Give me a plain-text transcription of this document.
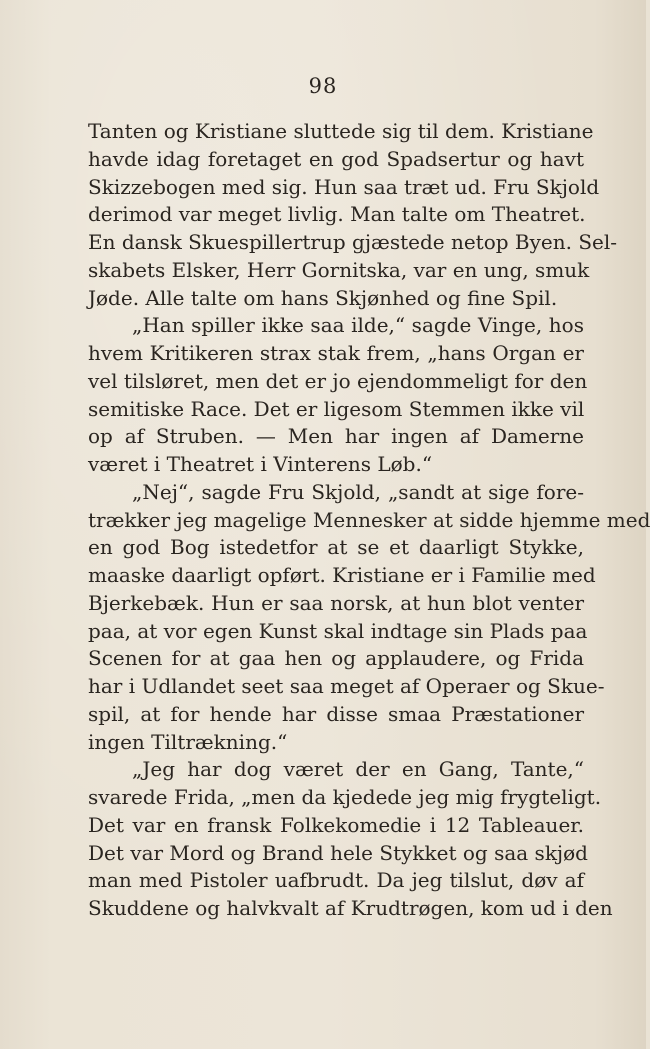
98
Tanten og Kristiane sluttede sig til dem. Kristiane
havde idag foretaget en god Spadsertur og havt
Skizzebogen med sig. Hun saa træt ud. Fru Skjold
derimod var meget livlig. Man talte om Theatret.
En dansk Skuespillertrup gjæstede netop Byen. Sel-
skabets Elsker, Herr Gornitska, var en ung, smuk
Jøde. Alle talte om hans Skjønhed og fine Spil.
„Han spiller ikke saa ilde,“ sagde Vinge, hos
hvem Kritikeren strax stak frem, „hans Organ er
vel tilsløret, men det er jo ejendommeligt for den
semitiske Race. Det er ligesom Stemmen ikke vil
op af Struben. — Men har ingen af Damerne
været i Theatret i Vinterens Løb.“
„Nej“, sagde Fru Skjold, „sandt at sige fore-
trækker jeg magelige Mennesker at sidde hjemme med
en god Bog istedetfor at se et daarligt Stykke,
maaske daarligt opført. Kristiane er i Familie med
Bjerkebæk. Hun er saa norsk, at hun blot venter
paa, at vor egen Kunst skal indtage sin Plads paa
Scenen for at gaa hen og applaudere, og Frida
har i Udlandet seet saa meget af Operaer og Skue-
spil, at for hende har disse smaa Præstationer
ingen Tiltrækning.“
„Jeg har dog været der en Gang, Tante,“
svarede Frida, „men da kjedede jeg mig frygteligt.
Det var en fransk Folkekomedie i 12 Tableauer.
Det var Mord og Brand hele Stykket og saa skjød
man med Pistoler uafbrudt. Da jeg tilslut, døv af
Skuddene og halvkvalt af Krudtrøgen, kom ud i den
